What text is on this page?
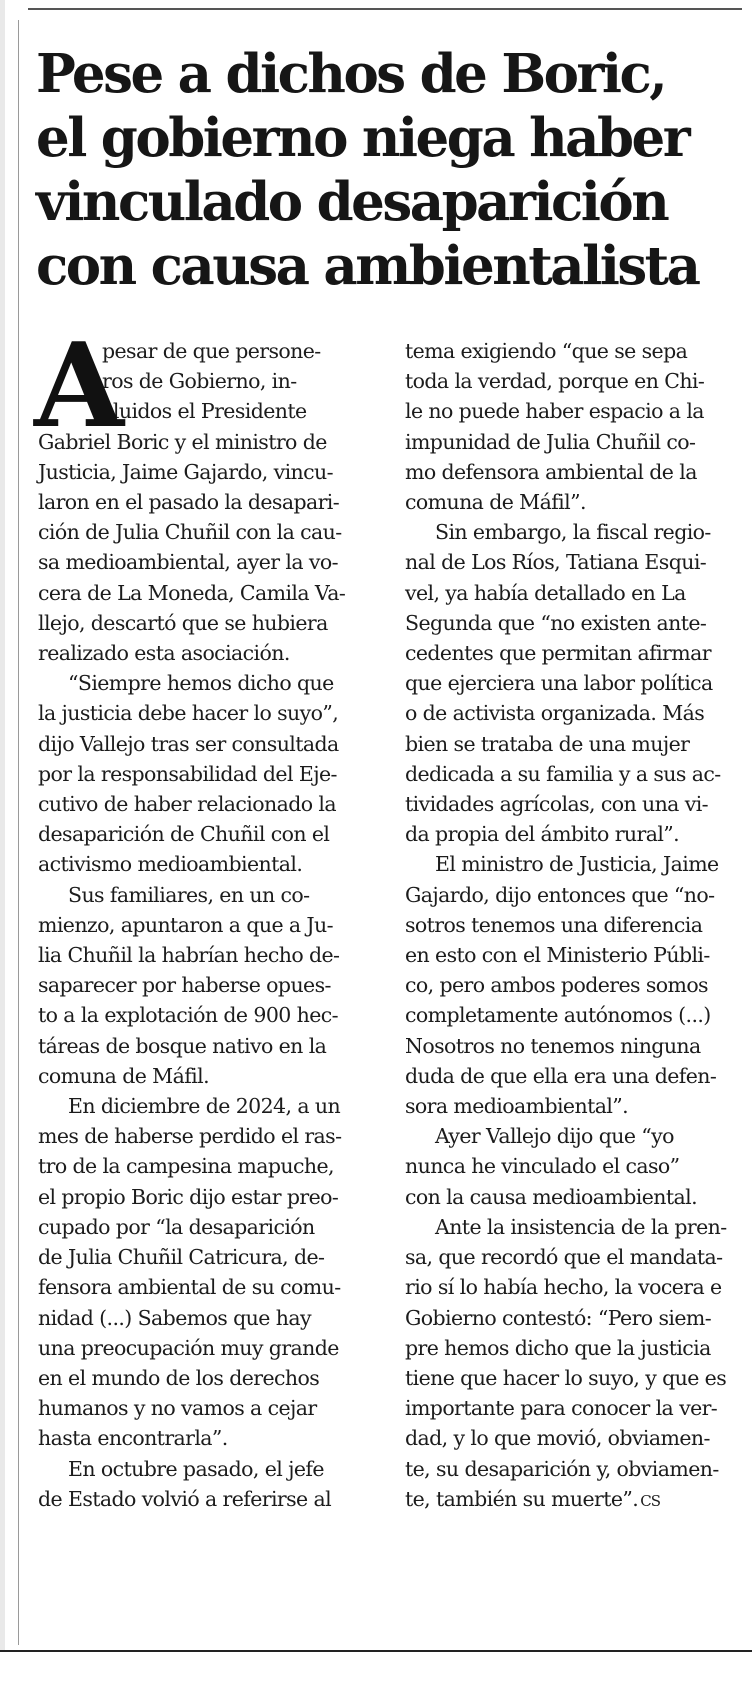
Pese a dichos de Boric,
el gobierno niega haber
vinculado desaparición
con causa ambientalista
A
pesar de que persone-
ros de Gobierno, in-
cluidos el Presidente
Gabriel Boric y el ministro de
Justicia, Jaime Gajardo, vincu-
laron en el pasado la desapari-
ción de Julia Chuñil con la cau-
sa medioambiental, ayer la vo-
cera de La Moneda, Camila Va-
llejo, descartó que se hubiera
realizado esta asociación.
“Siempre hemos dicho que
la justicia debe hacer lo suyo”,
dijo Vallejo tras ser consultada
por la responsabilidad del Eje-
cutivo de haber relacionado la
desaparición de Chuñil con el
activismo medioambiental.
Sus familiares, en un co-
mienzo, apuntaron a que a Ju-
lia Chuñil la habrían hecho de-
saparecer por haberse opues-
to a la explotación de 900 hec-
táreas de bosque nativo en la
comuna de Máfil.
En diciembre de 2024, a un
mes de haberse perdido el ras-
tro de la campesina mapuche,
el propio Boric dijo estar preo-
cupado por “la desaparición
de Julia Chuñil Catricura, de-
fensora ambiental de su comu-
nidad (...) Sabemos que hay
una preocupación muy grande
en el mundo de los derechos
humanos y no vamos a cejar
hasta encontrarla”.
En octubre pasado, el jefe
de Estado volvió a referirse al
tema exigiendo “que se sepa
toda la verdad, porque en Chi-
le no puede haber espacio a la
impunidad de Julia Chuñil co-
mo defensora ambiental de la
comuna de Máfil”.
Sin embargo, la fiscal regio-
nal de Los Ríos, Tatiana Esqui-
vel, ya había detallado en La
Segunda que “no existen ante-
cedentes que permitan afirmar
que ejerciera una labor política
o de activista organizada. Más
bien se trataba de una mujer
dedicada a su familia y a sus ac-
tividades agrícolas, con una vi-
da propia del ámbito rural”.
El ministro de Justicia, Jaime
Gajardo, dijo entonces que “no-
sotros tenemos una diferencia
en esto con el Ministerio Públi-
co, pero ambos poderes somos
completamente autónomos (...)
Nosotros no tenemos ninguna
duda de que ella era una defen-
sora medioambiental”.
Ayer Vallejo dijo que “yo
nunca he vinculado el caso”
con la causa medioambiental.
Ante la insistencia de la pren-
sa, que recordó que el mandata-
rio sí lo había hecho, la vocera e
Gobierno contestó: “Pero siem-
pre hemos dicho que la justicia
tiene que hacer lo suyo, y que es
importante para conocer la ver-
dad, y lo que movió, obviamen-
te, su desaparición y, obviamen-
te, también su muerte”. CS
